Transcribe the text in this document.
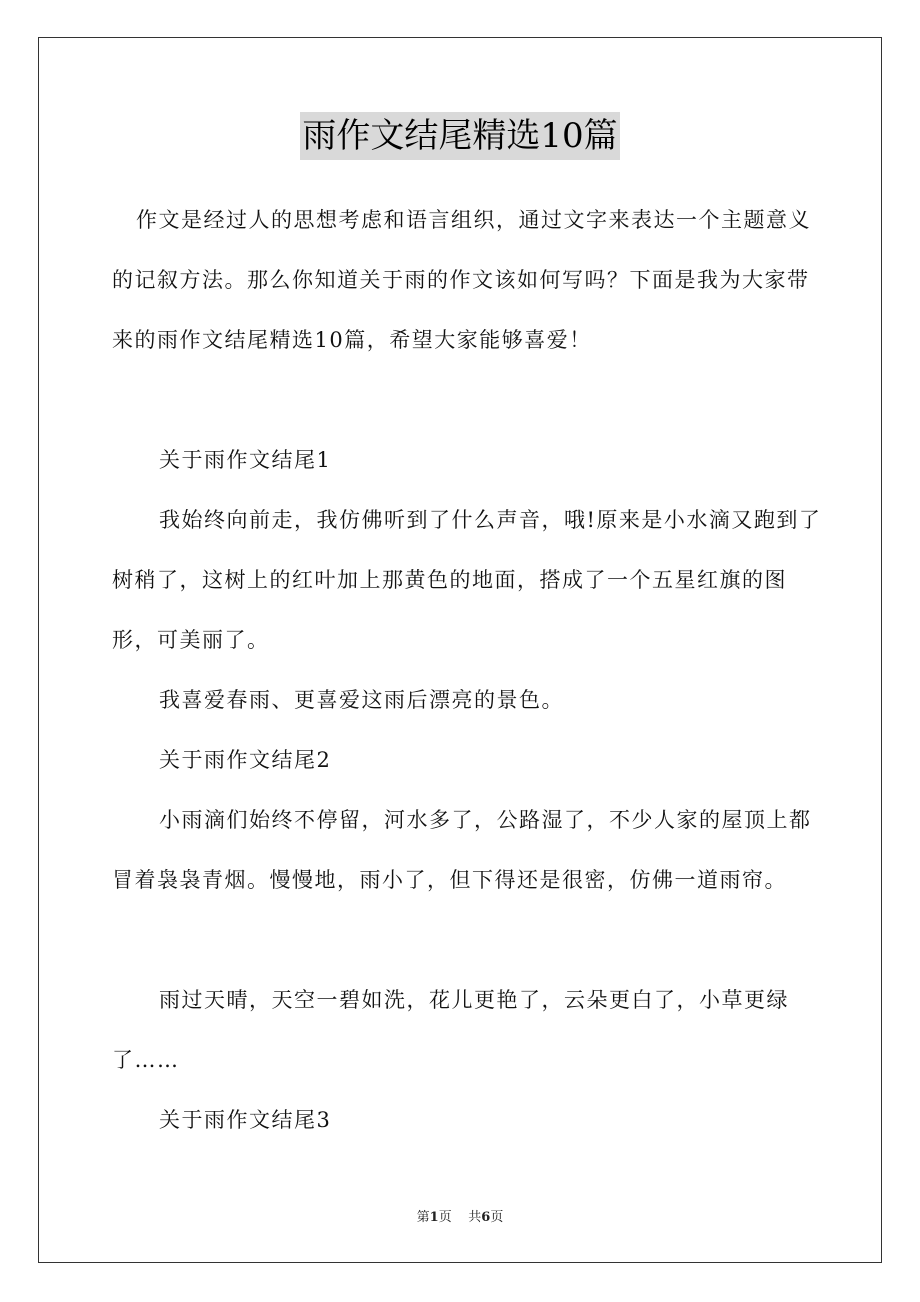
雨作文结尾精选10篇

作文是经过人的思想考虑和语言组织，通过文字来表达一个主题意义的记叙方法。那么你知道关于雨的作文该如何写吗？下面是我为大家带来的雨作文结尾精选10篇，希望大家能够喜爱！

关于雨作文结尾1

我始终向前走，我仿佛听到了什么声音，哦!原来是小水滴又跑到了树稍了，这树上的红叶加上那黄色的地面，搭成了一个五星红旗的图形，可美丽了。

我喜爱春雨、更喜爱这雨后漂亮的景色。

关于雨作文结尾2

小雨滴们始终不停留，河水多了，公路湿了，不少人家的屋顶上都冒着袅袅青烟。慢慢地，雨小了，但下得还是很密，仿佛一道雨帘。

雨过天晴，天空一碧如洗，花儿更艳了，云朵更白了，小草更绿了……

关于雨作文结尾3

第1页 共6页
